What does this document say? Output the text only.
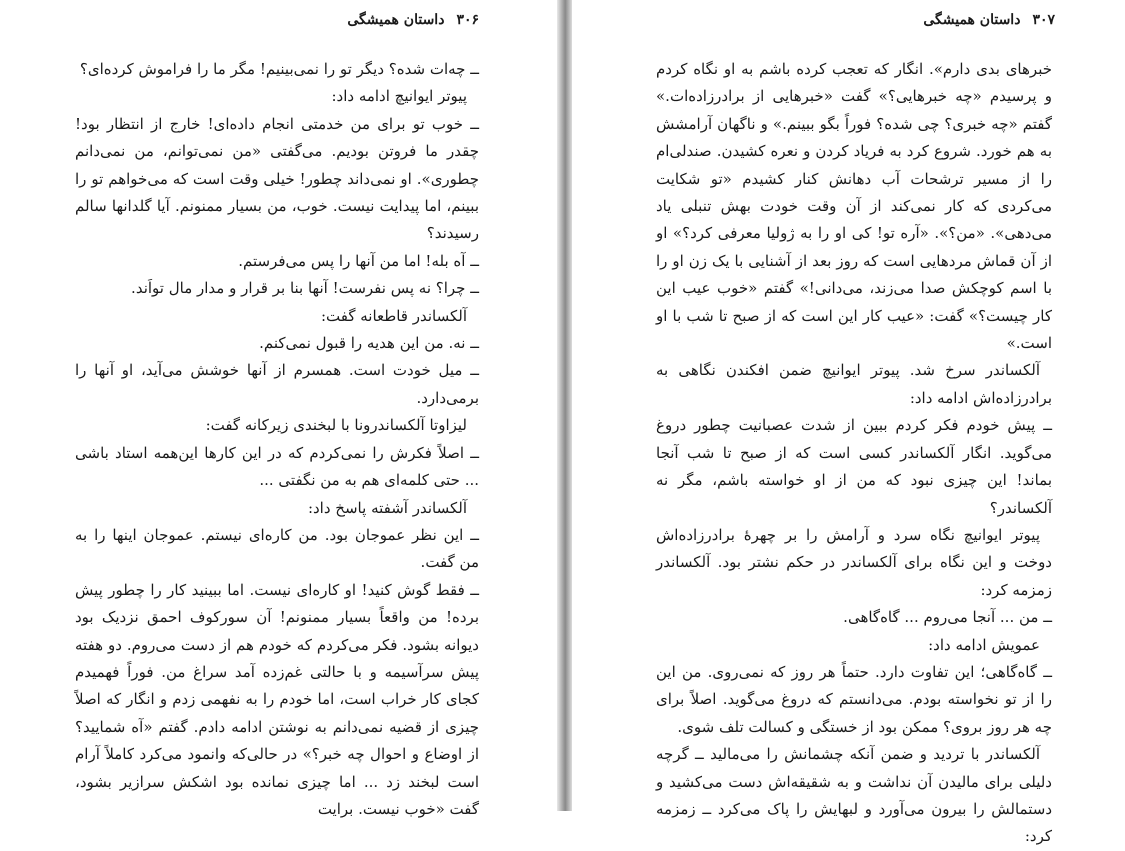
۳۰۶
داستان همیشگی

ــ چه‌ات شده؟ دیگر تو را نمی‌بینیم! مگر ما را فراموش کرده‌ای؟

پیوتر ایوانیچ ادامه داد:

ــ خوب تو برای من خدمتی انجام داده‌ای! خارج از انتظار بود! چقدر ما فروتن بودیم. می‌گفتی «من نمی‌توانم، من نمی‌دانم چطوری». او نمی‌داند چطور! خیلی وقت است که می‌خواهم تو را ببینم، اما پیدایت نیست. خوب، من بسیار ممنونم. آیا گلدانها سالم رسیدند؟

ــ آه بله! اما من آنها را پس می‌فرستم.

ــ چرا؟ نه پس نفرست! آنها بنا بر قرار و مدار مال تواَند.

آلکساندر قاطعانه گفت:

ــ نه. من این هدیه را قبول نمی‌کنم.

ــ میل خودت است. همسرم از آنها خوشش می‌آید، او آنها را برمی‌دارد.

لیزاوتا آلکساندرونا با لبخندی زیرکانه گفت:

ــ اصلاً فکرش را نمی‌کردم که در این کارها این‌همه استاد باشی ... حتی کلمه‌ای هم به من نگفتی ...

آلکساندر آشفته پاسخ داد:

ــ این نظر عموجان بود. من کاره‌ای نیستم. عموجان اینها را به من گفت.

ــ فقط گوش کنید! او کاره‌ای نیست. اما ببینید کار را چطور پیش برده! من واقعاً بسیار ممنونم! آن سورکوف احمق نزدیک بود دیوانه بشود. فکر می‌کردم که خودم هم از دست می‌روم. دو هفته پیش سرآسیمه و با حالتی غم‌زده آمد سراغ من. فوراً فهمیدم کجای کار خراب است، اما خودم را به نفهمی زدم و انگار که اصلاً چیزی از قضیه نمی‌دانم به نوشتن ادامه دادم. گفتم «آه شمایید؟ از اوضاع و احوال چه خبر؟» در حالی‌که وانمود می‌کرد کاملاً آرام است لبخند زد ... اما چیزی نمانده بود اشکش سرازیر بشود، گفت «خوب نیست. برایت

۳۰۷
داستان همیشگی

خبرهای بدی دارم». انگار که تعجب کرده باشم به او نگاه کردم و پرسیدم «چه خبرهایی؟» گفت «خبرهایی از برادرزاده‌ات.» گفتم «چه خبری؟ چی شده؟ فوراً بگو ببینم.» و ناگهان آرامشش به هم خورد. شروع کرد به فریاد کردن و نعره کشیدن. صندلی‌ام را از مسیر ترشحات آب دهانش کنار کشیدم «تو شکایت می‌کردی که کار نمی‌کند از آن وقت خودت بهش تنبلی یاد می‌دهی». «من؟». «آره تو! کی او را به ژولیا معرفی کرد؟» او از آن قماش مردهایی است که روز بعد از آشنایی با یک زن او را با اسم کوچکش صدا می‌زند، می‌دانی!» گفتم «خوب عیب این کار چیست؟» گفت: «عیب کار این است که از صبح تا شب با او است.»

آلکساندر سرخ شد. پیوتر ایوانیچ ضمن افکندن نگاهی به برادرزاده‌اش ادامه داد:

ــ پیش خودم فکر کردم ببین از شدت عصبانیت چطور دروغ می‌گوید. انگار آلکساندر کسی است که از صبح تا شب آنجا بماند! این چیزی نبود که من از او خواسته باشم، مگر نه آلکساندر؟

پیوتر ایوانیچ نگاه سرد و آرامش را بر چهرهٔ برادرزاده‌اش دوخت و این نگاه برای آلکساندر در حکم نشتر بود. آلکساندر زمزمه کرد:

ــ من ... آنجا می‌روم ... گاه‌گاهی.

عمویش ادامه داد:

ــ گاه‌گاهی؛ این تفاوت دارد. حتماً هر روز که نمی‌روی. من این را از تو نخواسته بودم. می‌دانستم که دروغ می‌گوید. اصلاً برای چه هر روز بروی؟ ممکن بود از خستگی و کسالت تلف شوی.

آلکساندر با تردید و ضمن آنکه چشمانش را می‌مالید ــ گرچه دلیلی برای مالیدن آن نداشت و به شقیقه‌اش دست می‌کشید و دستمالش را بیرون می‌آورد و لبهایش را پاک می‌کرد ــ زمزمه کرد:
